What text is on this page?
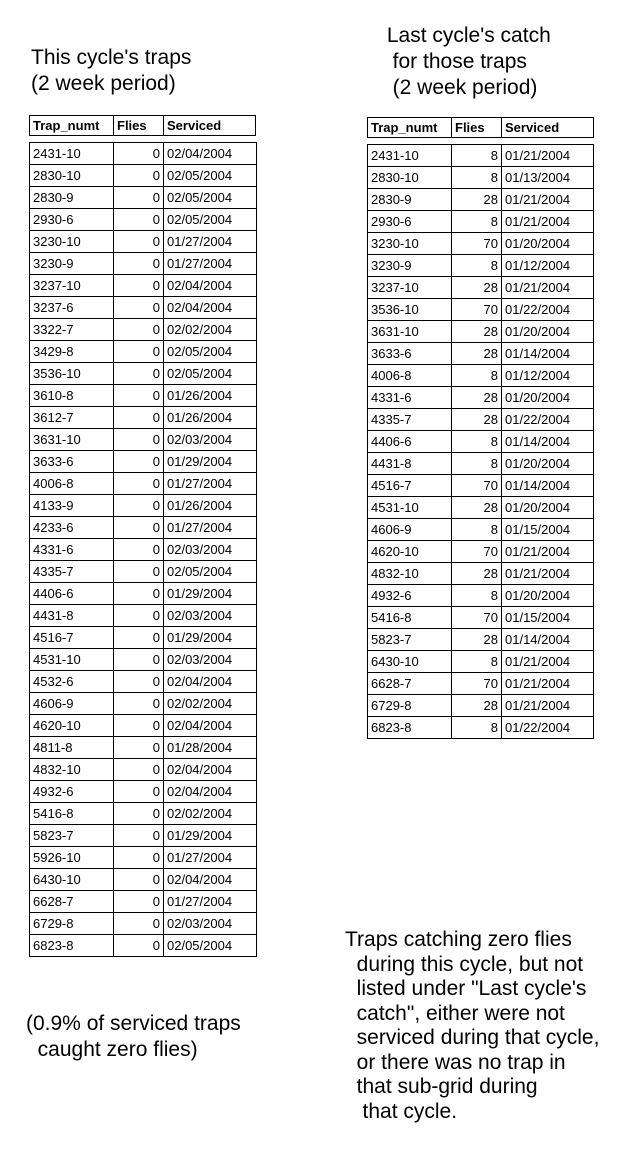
This cycle's traps
(2 week period)
Last cycle's catch
for those traps
(2 week period)
Trap_numt	Flies	Serviced
2431-10	0	02/04/2004
2830-10	0	02/05/2004
2830-9	0	02/05/2004
2930-6	0	02/05/2004
3230-10	0	01/27/2004
3230-9	0	01/27/2004
3237-10	0	02/04/2004
3237-6	0	02/04/2004
3322-7	0	02/02/2004
3429-8	0	02/05/2004
3536-10	0	02/05/2004
3610-8	0	01/26/2004
3612-7	0	01/26/2004
3631-10	0	02/03/2004
3633-6	0	01/29/2004
4006-8	0	01/27/2004
4133-9	0	01/26/2004
4233-6	0	01/27/2004
4331-6	0	02/03/2004
4335-7	0	02/05/2004
4406-6	0	01/29/2004
4431-8	0	02/03/2004
4516-7	0	01/29/2004
4531-10	0	02/03/2004
4532-6	0	02/04/2004
4606-9	0	02/02/2004
4620-10	0	02/04/2004
4811-8	0	01/28/2004
4832-10	0	02/04/2004
4932-6	0	02/04/2004
5416-8	0	02/02/2004
5823-7	0	01/29/2004
5926-10	0	01/27/2004
6430-10	0	02/04/2004
6628-7	0	01/27/2004
6729-8	0	02/03/2004
6823-8	0	02/05/2004
Trap_numt	Flies	Serviced
2431-10	8	01/21/2004
2830-10	8	01/13/2004
2830-9	28	01/21/2004
2930-6	8	01/21/2004
3230-10	70	01/20/2004
3230-9	8	01/12/2004
3237-10	28	01/21/2004
3536-10	70	01/22/2004
3631-10	28	01/20/2004
3633-6	28	01/14/2004
4006-8	8	01/12/2004
4331-6	28	01/20/2004
4335-7	28	01/22/2004
4406-6	8	01/14/2004
4431-8	8	01/20/2004
4516-7	70	01/14/2004
4531-10	28	01/20/2004
4606-9	8	01/15/2004
4620-10	70	01/21/2004
4832-10	28	01/21/2004
4932-6	8	01/20/2004
5416-8	70	01/15/2004
5823-7	28	01/14/2004
6430-10	8	01/21/2004
6628-7	70	01/21/2004
6729-8	28	01/21/2004
6823-8	8	01/22/2004
(0.9% of serviced traps
caught zero flies)
Traps catching zero flies
during this cycle, but not
listed under "Last cycle's
catch", either were not
serviced during that cycle,
or there was no trap in
that sub-grid during
that cycle.
